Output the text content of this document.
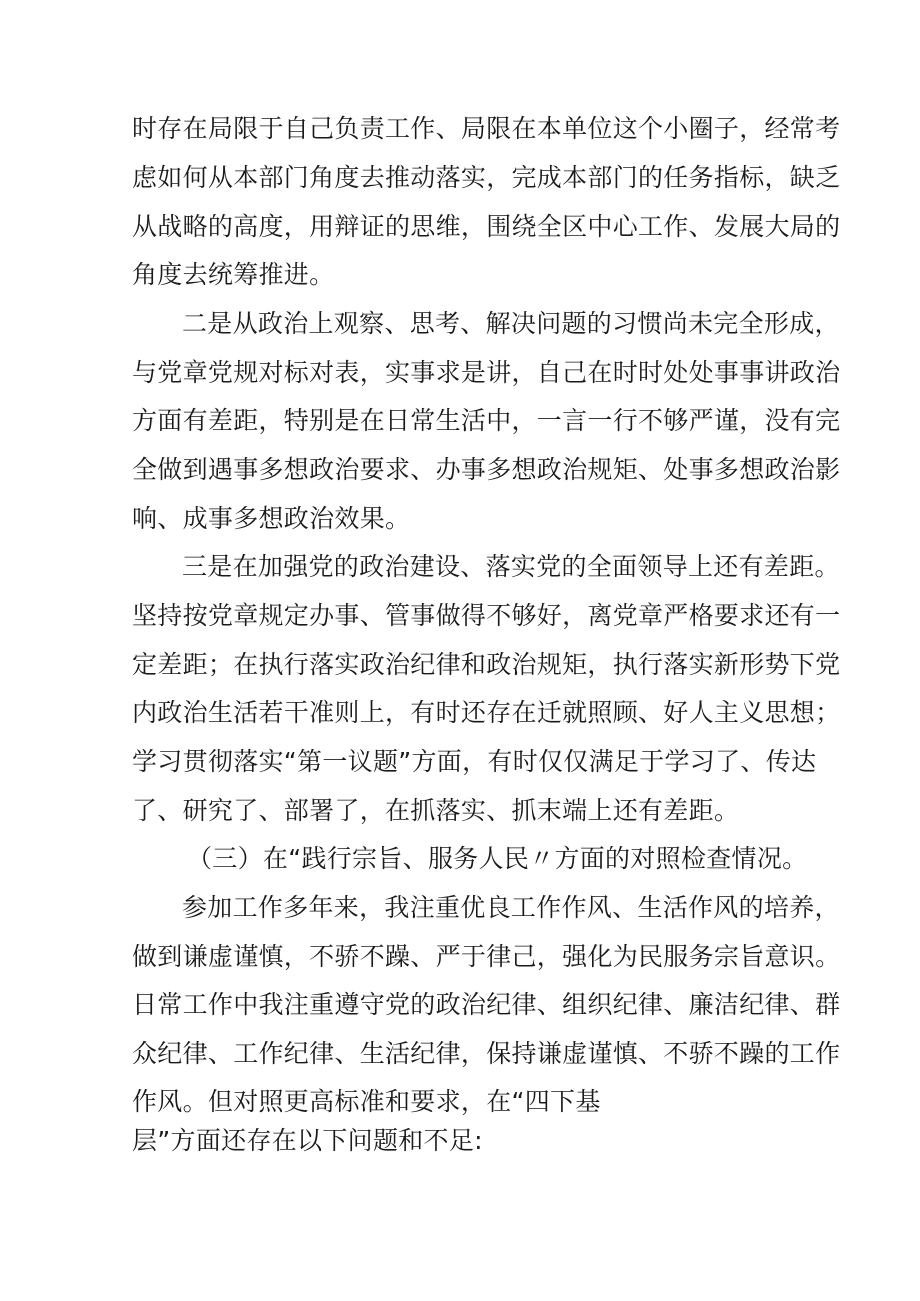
时存在局限于自己负责工作、局限在本单位这个小圈子，经常考
虑如何从本部门角度去推动落实，完成本部门的任务指标，缺乏
从战略的高度，用辩证的思维，围绕全区中心工作、发展大局的
角度去统筹推进。
二是从政治上观察、思考、解决问题的习惯尚未完全形成，
与党章党规对标对表，实事求是讲，自己在时时处处事事讲政治
方面有差距，特别是在日常生活中，一言一行不够严谨，没有完
全做到遇事多想政治要求、办事多想政治规矩、处事多想政治影
响、成事多想政治效果。
三是在加强党的政治建设、落实党的全面领导上还有差距。
坚持按党章规定办事、管事做得不够好，离党章严格要求还有一
定差距；在执行落实政治纪律和政治规矩，执行落实新形势下党
内政治生活若干准则上，有时还存在迁就照顾、好人主义思想；
学习贯彻落实“第一议题”方面，有时仅仅满足于学习了、传达
了、研究了、部署了，在抓落实、抓末端上还有差距。
（三）在“践行宗旨、服务人民〃方面的对照检查情况。
参加工作多年来，我注重优良工作作风、生活作风的培养，
做到谦虚谨慎，不骄不躁、严于律己，强化为民服务宗旨意识。
日常工作中我注重遵守党的政治纪律、组织纪律、廉洁纪律、群
众纪律、工作纪律、生活纪律，保持谦虚谨慎、不骄不躁的工作
作风。但对照更高标准和要求，在“四下基
层”方面还存在以下问题和不足:
